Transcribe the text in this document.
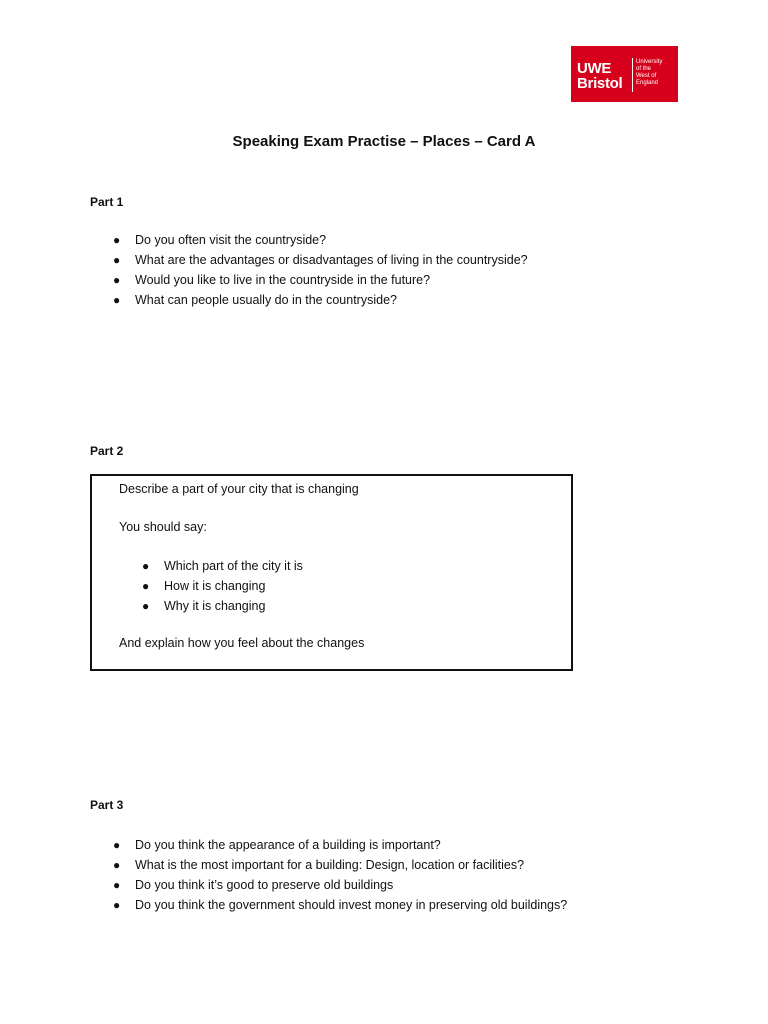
UWE
Bristol
University
of the
West of
England
Speaking Exam Practise – Places – Card A
Part 1
● Do you often visit the countryside?
● What are the advantages or disadvantages of living in the countryside?
● Would you like to live in the countryside in the future?
● What can people usually do in the countryside?
Part 2
Describe a part of your city that is changing
You should say:
● Which part of the city it is
● How it is changing
● Why it is changing
And explain how you feel about the changes
Part 3
● Do you think the appearance of a building is important?
● What is the most important for a building: Design, location or facilities?
● Do you think it’s good to preserve old buildings
● Do you think the government should invest money in preserving old buildings?
